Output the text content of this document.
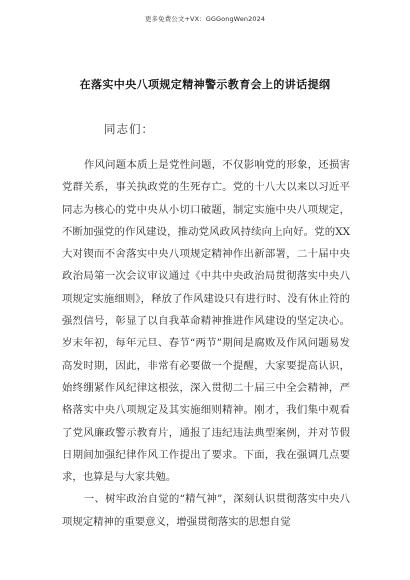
更多免费公文+VX：GGGongWen2024
在落实中央八项规定精神警示教育会上的讲话提纲
同志们：

作风问题本质上是党性问题，不仅影响党的形象，还损害党群关系，事关执政党的生死存亡。党的十八大以来以习近平同志为核心的党中央从小切口破题，制定实施中央八项规定，不断加强党的作风建设，推动党风政风持续向上向好。党的XX大对锲而不舍落实中央八项规定精神作出新部署，二十届中央政治局第一次会议审议通过《中共中央政治局贯彻落实中央八项规定实施细则》，释放了作风建设只有进行时、没有休止符的强烈信号，彰显了以自我革命精神推进作风建设的坚定决心。岁末年初，每年元旦、春节“两节”期间是腐败及作风问题易发高发时期，因此，非常有必要做一个提醒，大家要提高认识，始终绷紧作风纪律这根弦，深入贯彻二十届三中全会精神，严格落实中央八项规定及其实施细则精神。刚才，我们集中观看了党风廉政警示教育片，通报了违纪违法典型案例，并对节假日期间加强纪律作风工作提出了要求。下面，我在强调几点要求，也算是与大家共勉。

一、树牢政治自觉的“精气神”，深刻认识贯彻落实中央八项规定精神的重要意义，增强贯彻落实的思想自觉
